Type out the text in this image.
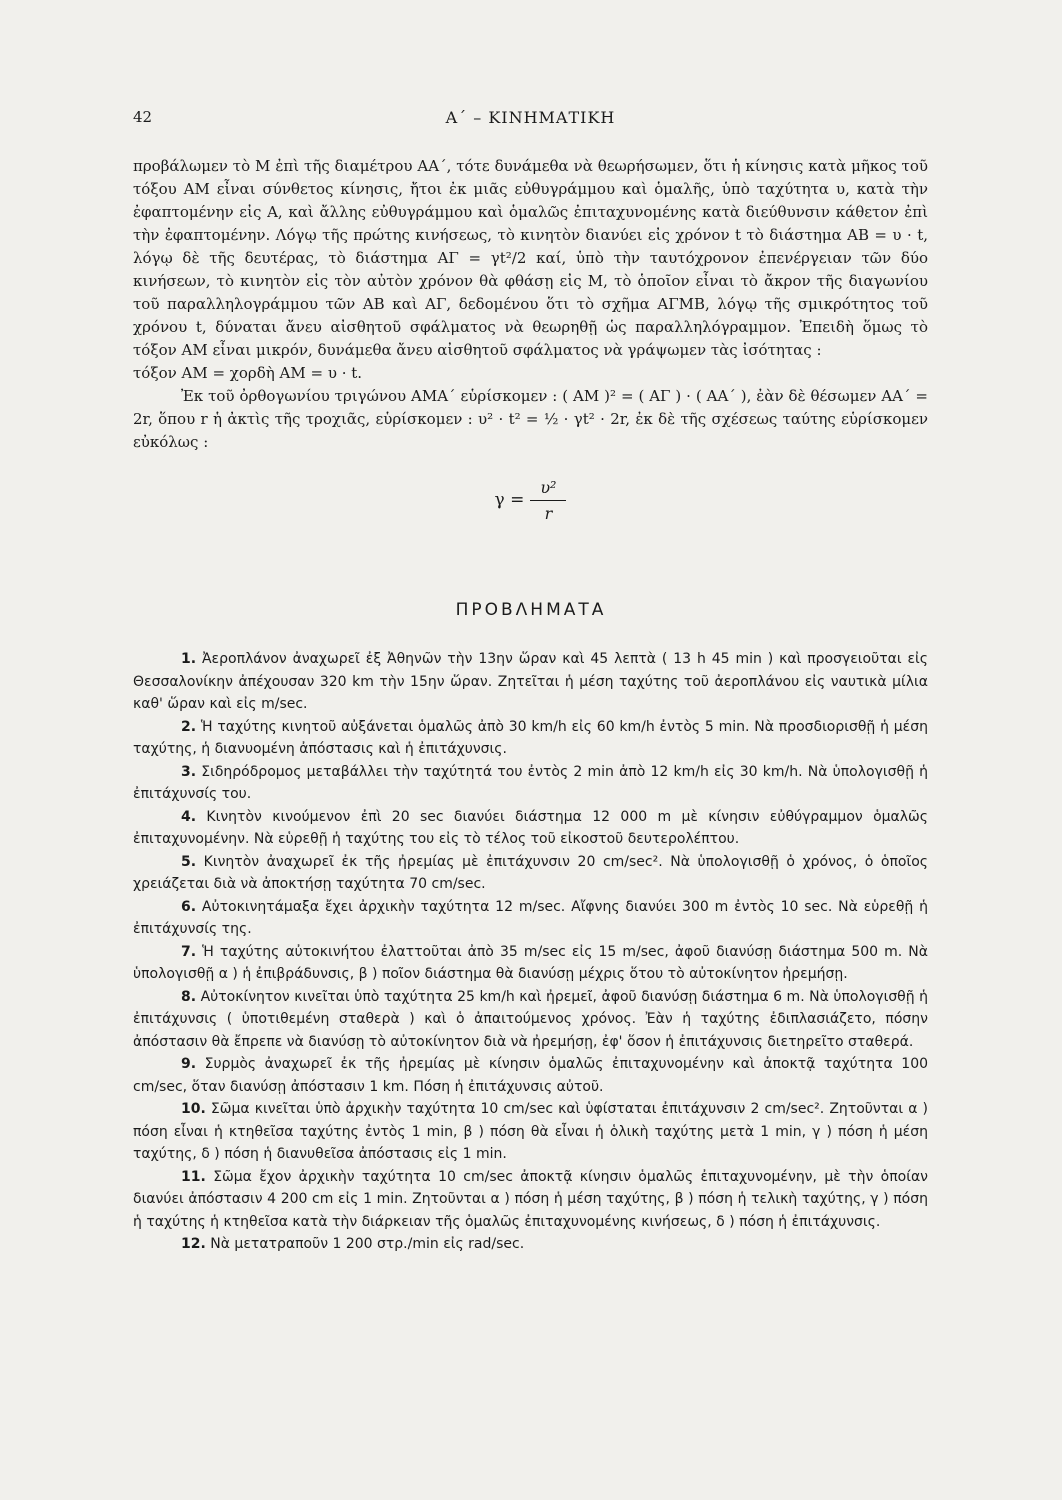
42	Α΄ – ΚΙΝΗΜΑΤΙΚΗ

προβάλωμεν τὸ Μ ἐπὶ τῆς διαμέτρου ΑΑ΄, τότε δυνάμεθα νὰ θεωρήσωμεν, ὅτι ἡ κίνησις κατὰ μῆκος τοῦ τόξου ΑΜ εἶναι σύνθετος κίνησις, ἤτοι ἐκ μιᾶς εὐθυγράμμου καὶ ὁμαλῆς, ὑπὸ ταχύτητα υ, κατὰ τὴν ἐφαπτομένην εἰς Α, καὶ ἄλλης εὐθυγράμμου καὶ ὁμαλῶς ἐπιταχυνομένης κατὰ διεύθυνσιν κάθετον ἐπὶ τὴν ἐφαπτομένην. Λόγῳ τῆς πρώτης κινήσεως, τὸ κινητὸν διανύει εἰς χρόνον t τὸ διάστημα ΑΒ = υ · t, λόγῳ δὲ τῆς δευτέρας, τὸ διάστημα ΑΓ = γt²/2 καί, ὑπὸ τὴν ταυτόχρονον ἐπενέργειαν τῶν δύο κινήσεων, τὸ κινητὸν εἰς τὸν αὐτὸν χρόνον θὰ φθάσῃ εἰς Μ, τὸ ὁποῖον εἶναι τὸ ἄκρον τῆς διαγωνίου τοῦ παραλληλογράμμου τῶν ΑΒ καὶ ΑΓ, δεδομένου ὅτι τὸ σχῆμα ΑΓΜΒ, λόγῳ τῆς σμικρότητος τοῦ χρόνου t, δύναται ἄνευ αἰσθητοῦ σφάλματος νὰ θεωρηθῇ ὡς παραλληλόγραμμον. Ἐπειδὴ ὅμως τὸ τόξον ΑΜ εἶναι μικρόν, δυνάμεθα ἄνευ αἰσθητοῦ σφάλματος νὰ γράψωμεν τὰς ἰσότητας :

τόξον ΑΜ = χορδὴ ΑΜ = υ · t.

Ἐκ τοῦ ὀρθογωνίου τριγώνου ΑΜΑ΄ εὑρίσκομεν : ( ΑΜ )² = ( ΑΓ ) · ( ΑΑ΄ ), ἐὰν δὲ θέσωμεν ΑΑ΄ = 2r, ὅπου r ἡ ἀκτὶς τῆς τροχιᾶς, εὑρίσκομεν : υ² · t² = ½ · γt² · 2r, ἐκ δὲ τῆς σχέσεως ταύτης εὑρίσκομεν εὐκόλως :

$\gamma = \frac{\text{υ²}}{r}$
ΠΡΟΒΛΗΜΑΤΑ

1. Ἀεροπλάνον ἀναχωρεῖ ἐξ Ἀθηνῶν τὴν 13ην ὥραν καὶ 45 λεπτὰ ( 13 h 45 min ) καὶ προσγειοῦται εἰς Θεσσαλονίκην ἀπέχουσαν 320 km τὴν 15ην ὥραν. Ζητεῖται ἡ μέση ταχύτης τοῦ ἀεροπλάνου εἰς ναυτικὰ μίλια καθ' ὥραν καὶ εἰς m/sec.

2. Ἡ ταχύτης κινητοῦ αὐξάνεται ὁμαλῶς ἀπὸ 30 km/h εἰς 60 km/h ἐντὸς 5 min. Νὰ προσδιορισθῇ ἡ μέση ταχύτης, ἡ διανυομένη ἀπόστασις καὶ ἡ ἐπιτάχυνσις.

3. Σιδηρόδρομος μεταβάλλει τὴν ταχύτητά του ἐντὸς 2 min ἀπὸ 12 km/h εἰς 30 km/h. Νὰ ὑπολογισθῇ ἡ ἐπιτάχυνσίς του.

4. Κινητὸν κινούμενον ἐπὶ 20 sec διανύει διάστημα 12 000 m μὲ κίνησιν εὐθύγραμμον ὁμαλῶς ἐπιταχυνομένην. Νὰ εὑρεθῇ ἡ ταχύτης του εἰς τὸ τέλος τοῦ εἰκοστοῦ δευτερολέπτου.

5. Κινητὸν ἀναχωρεῖ ἐκ τῆς ἠρεμίας μὲ ἐπιτάχυνσιν 20 cm/sec². Νὰ ὑπολογισθῇ ὁ χρόνος, ὁ ὁποῖος χρειάζεται διὰ νὰ ἀποκτήσῃ ταχύτητα 70 cm/sec.

6. Αὐτοκινητάμαξα ἔχει ἀρχικὴν ταχύτητα 12 m/sec. Αἴφνης διανύει 300 m ἐντὸς 10 sec. Νὰ εὑρεθῇ ἡ ἐπιτάχυνσίς της.

7. Ἡ ταχύτης αὐτοκινήτου ἐλαττοῦται ἀπὸ 35 m/sec εἰς 15 m/sec, ἀφοῦ διανύσῃ διάστημα 500 m. Νὰ ὑπολογισθῇ α ) ἡ ἐπιβράδυνσις, β ) ποῖον διάστημα θὰ διανύσῃ μέχρις ὅτου τὸ αὐτοκίνητον ἠρεμήσῃ.

8. Αὐτοκίνητον κινεῖται ὑπὸ ταχύτητα 25 km/h καὶ ἠρεμεῖ, ἀφοῦ διανύσῃ διάστημα 6 m. Νὰ ὑπολογισθῇ ἡ ἐπιτάχυνσις ( ὑποτιθεμένη σταθερὰ ) καὶ ὁ ἀπαιτούμενος χρόνος. Ἐὰν ἡ ταχύτης ἐδιπλασιάζετο, πόσην ἀπόστασιν θὰ ἔπρεπε νὰ διανύσῃ τὸ αὐτοκίνητον διὰ νὰ ἠρεμήσῃ, ἐφ' ὅσον ἡ ἐπιτάχυνσις διετηρεῖτο σταθερά.

9. Συρμὸς ἀναχωρεῖ ἐκ τῆς ἠρεμίας μὲ κίνησιν ὁμαλῶς ἐπιταχυνομένην καὶ ἀποκτᾷ ταχύτητα 100 cm/sec, ὅταν διανύσῃ ἀπόστασιν 1 km. Πόση ἡ ἐπιτάχυνσις αὐτοῦ.

10. Σῶμα κινεῖται ὑπὸ ἀρχικὴν ταχύτητα 10 cm/sec καὶ ὑφίσταται ἐπιτάχυνσιν 2 cm/sec². Ζητοῦνται α ) πόση εἶναι ἡ κτηθεῖσα ταχύτης ἐντὸς 1 min, β ) πόση θὰ εἶναι ἡ ὁλικὴ ταχύτης μετὰ 1 min, γ ) πόση ἡ μέση ταχύτης, δ ) πόση ἡ διανυθεῖσα ἀπόστασις εἰς 1 min.

11. Σῶμα ἔχον ἀρχικὴν ταχύτητα 10 cm/sec ἀποκτᾷ κίνησιν ὁμαλῶς ἐπιταχυνομένην, μὲ τὴν ὁποίαν διανύει ἀπόστασιν 4 200 cm εἰς 1 min. Ζητοῦνται α ) πόση ἡ μέση ταχύτης, β ) πόση ἡ τελικὴ ταχύτης, γ ) πόση ἡ ταχύτης ἡ κτηθεῖσα κατὰ τὴν διάρκειαν τῆς ὁμαλῶς ἐπιταχυνομένης κινήσεως, δ ) πόση ἡ ἐπιτάχυνσις.

12. Νὰ μετατραποῦν 1 200 στρ./min εἰς rad/sec.
